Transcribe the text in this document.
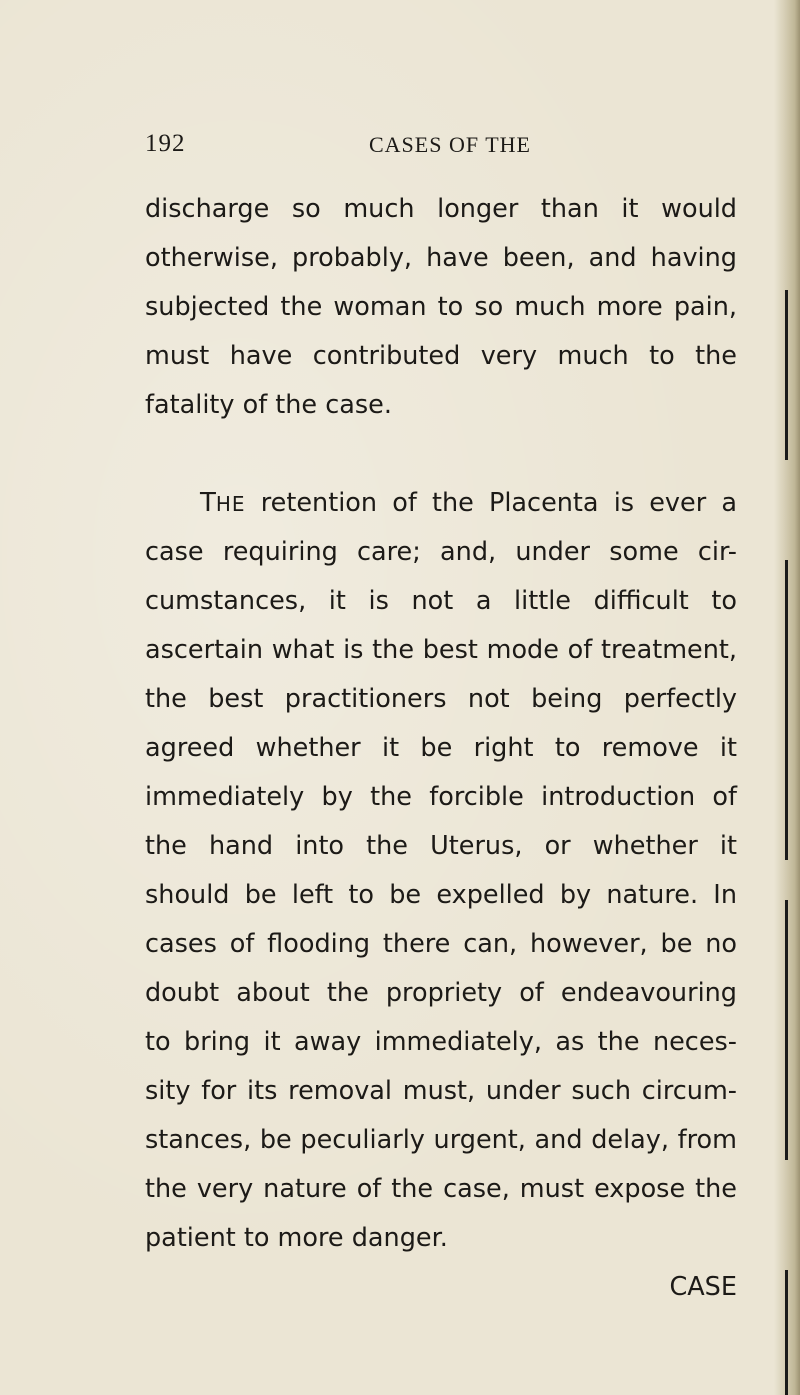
192	CASES OF THE
discharge so much longer than it would
otherwise, probably, have been, and having
subjected the woman to so much more pain,
must have contributed very much to the
fatality of the case.
THE retention of the Placenta is ever a
case requiring care; and, under some cir-
cumstances, it is not a little difficult to
ascertain what is the best mode of treatment,
the best practitioners not being perfectly
agreed whether it be right to remove it
immediately by the forcible introduction of
the hand into the Uterus, or whether it
should be left to be expelled by nature. In
cases of flooding there can, however, be no
doubt about the propriety of endeavouring
to bring it away immediately, as the neces-
sity for its removal must, under such circum-
stances, be peculiarly urgent, and delay, from
the very nature of the case, must expose the
patient to more danger.
CASE
